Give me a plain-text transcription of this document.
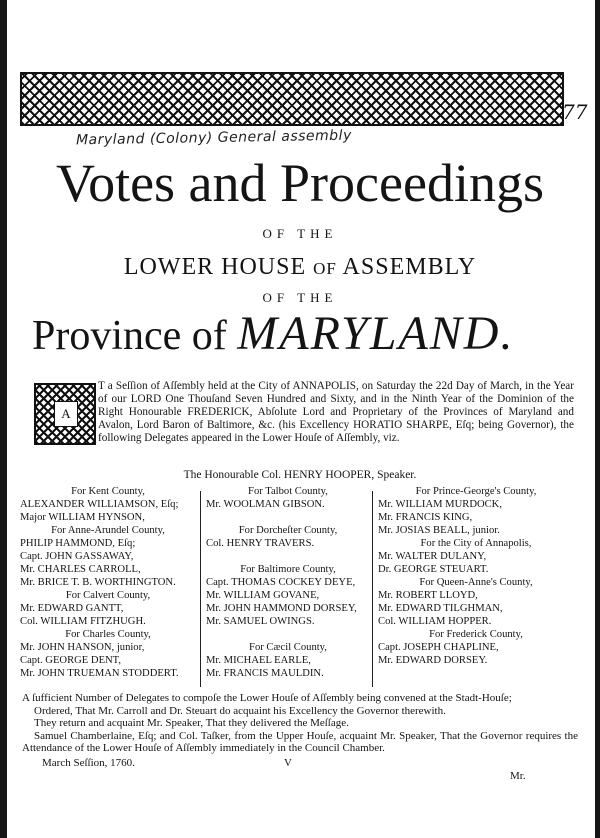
77
Maryland (Colony) General assembly
Votes and Proceedings
OF THE
LOWER HOUSE of ASSEMBLY
OF THE
Province of MARYLAND.
A

T a Seſſion of Aſſembly held at the City of ANNAPOLIS, on Saturday the 22d Day of March, in the Year of our LORD One Thouſand Seven Hundred and Sixty, and in the Ninth Year of the Dominion of the Right Honourable FREDERICK, Abſolute Lord and Proprietary of the Provinces of Maryland and Avalon, Lord Baron of Baltimore, &c. (his Excellency HORATIO SHARPE, Eſq; being Governor), the following Delegates appeared in the Lower Houſe of Aſſembly, viz.

The Honourable Col. HENRY HOOPER, Speaker.
For Kent County,
ALEXANDER WILLIAMSON, Eſq;
Major WILLIAM HYNSON,
For Anne-Arundel County,
PHILIP HAMMOND, Eſq;
Capt. JOHN GASSAWAY,
Mr. CHARLES CARROLL,
Mr. BRICE T. B. WORTHINGTON.
For Calvert County,
Mr. EDWARD GANTT,
Col. WILLIAM FITZHUGH.
For Charles County,
Mr. JOHN HANSON, junior,
Capt. GEORGE DENT,
Mr. JOHN TRUEMAN STODDERT.
For Talbot County,
Mr. WOOLMAN GIBSON.

For Dorcheſter County,
Col. HENRY TRAVERS.

For Baltimore County,
Capt. THOMAS COCKEY DEYE,
Mr. WILLIAM GOVANE,
Mr. JOHN HAMMOND DORSEY,
Mr. SAMUEL OWINGS.

For Cæcil County,
Mr. MICHAEL EARLE,
Mr. FRANCIS MAULDIN.
For Prince-George's County,
Mr. WILLIAM MURDOCK,
Mr. FRANCIS KING,
Mr. JOSIAS BEALL, junior.
For the City of Annapolis,
Mr. WALTER DULANY,
Dr. GEORGE STEUART.
For Queen-Anne's County,
Mr. ROBERT LLOYD,
Mr. EDWARD TILGHMAN,
Col. WILLIAM HOPPER.
For Frederick County,
Capt. JOSEPH CHAPLINE,
Mr. EDWARD DORSEY.

A ſufficient Number of Delegates to compoſe the Lower Houſe of Aſſembly being convened at the Stadt-Houſe;

Ordered, That Mr. Carroll and Dr. Steuart do acquaint his Excellency the Governor therewith.

They return and acquaint Mr. Speaker, That they delivered the Meſſage.

Samuel Chamberlaine, Eſq; and Col. Taſker, from the Upper Houſe, acquaint Mr. Speaker, That the Governor requires the Attendance of the Lower Houſe of Aſſembly immediately in the Council Chamber.

March Seſſion, 1760.	V
Mr.
